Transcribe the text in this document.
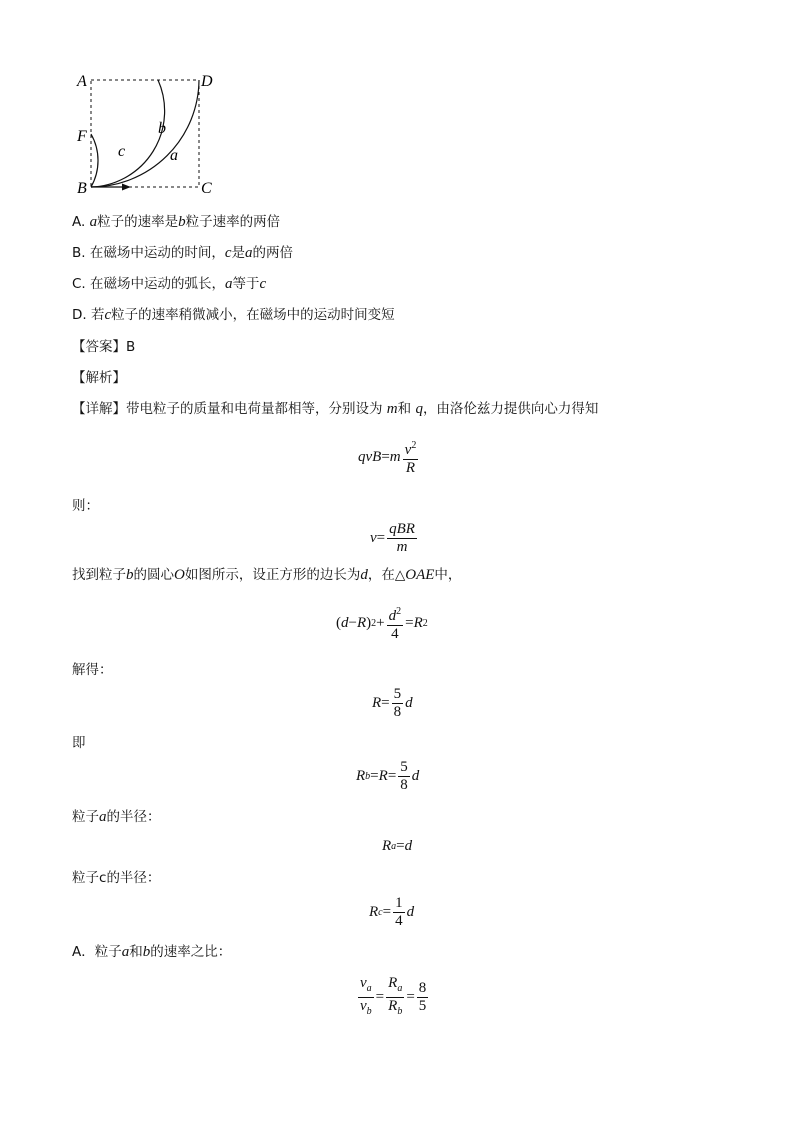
A	D
F
B	C
c
b
a
A. a粒子的速率是b粒子速率的两倍
B. 在磁场中运动的时间，c是a的两倍
C. 在磁场中运动的弧长，a等于c
D. 若c粒子的速率稍微减小，在磁场中的运动时间变短
【答案】B
【解析】
【详解】带电粒子的质量和电荷量都相等，分别设为 m和 q，由洛伦兹力提供向心力得知
qvB = m $\frac{v^2}{R}$
则：
$v = \frac{\text{qBR}}{m}$
找到粒子b的圆心O如图所示，设正方形的边长为d，在△OAE中，
( d − R ) $2 + \frac{d^2}{4} = R$ 2
解得：
$R = \frac{5}{8}$ d
即
R $b = R = \frac{5}{8}$ d
粒子a的半径：
R a = d
粒子c的半径：
R $c = \frac{1}{4}$ d
A．粒子a和b的速率之比：
$\frac{v_a}{v_b} = \frac{R_a}{R_b} = \frac{8}{5}$
